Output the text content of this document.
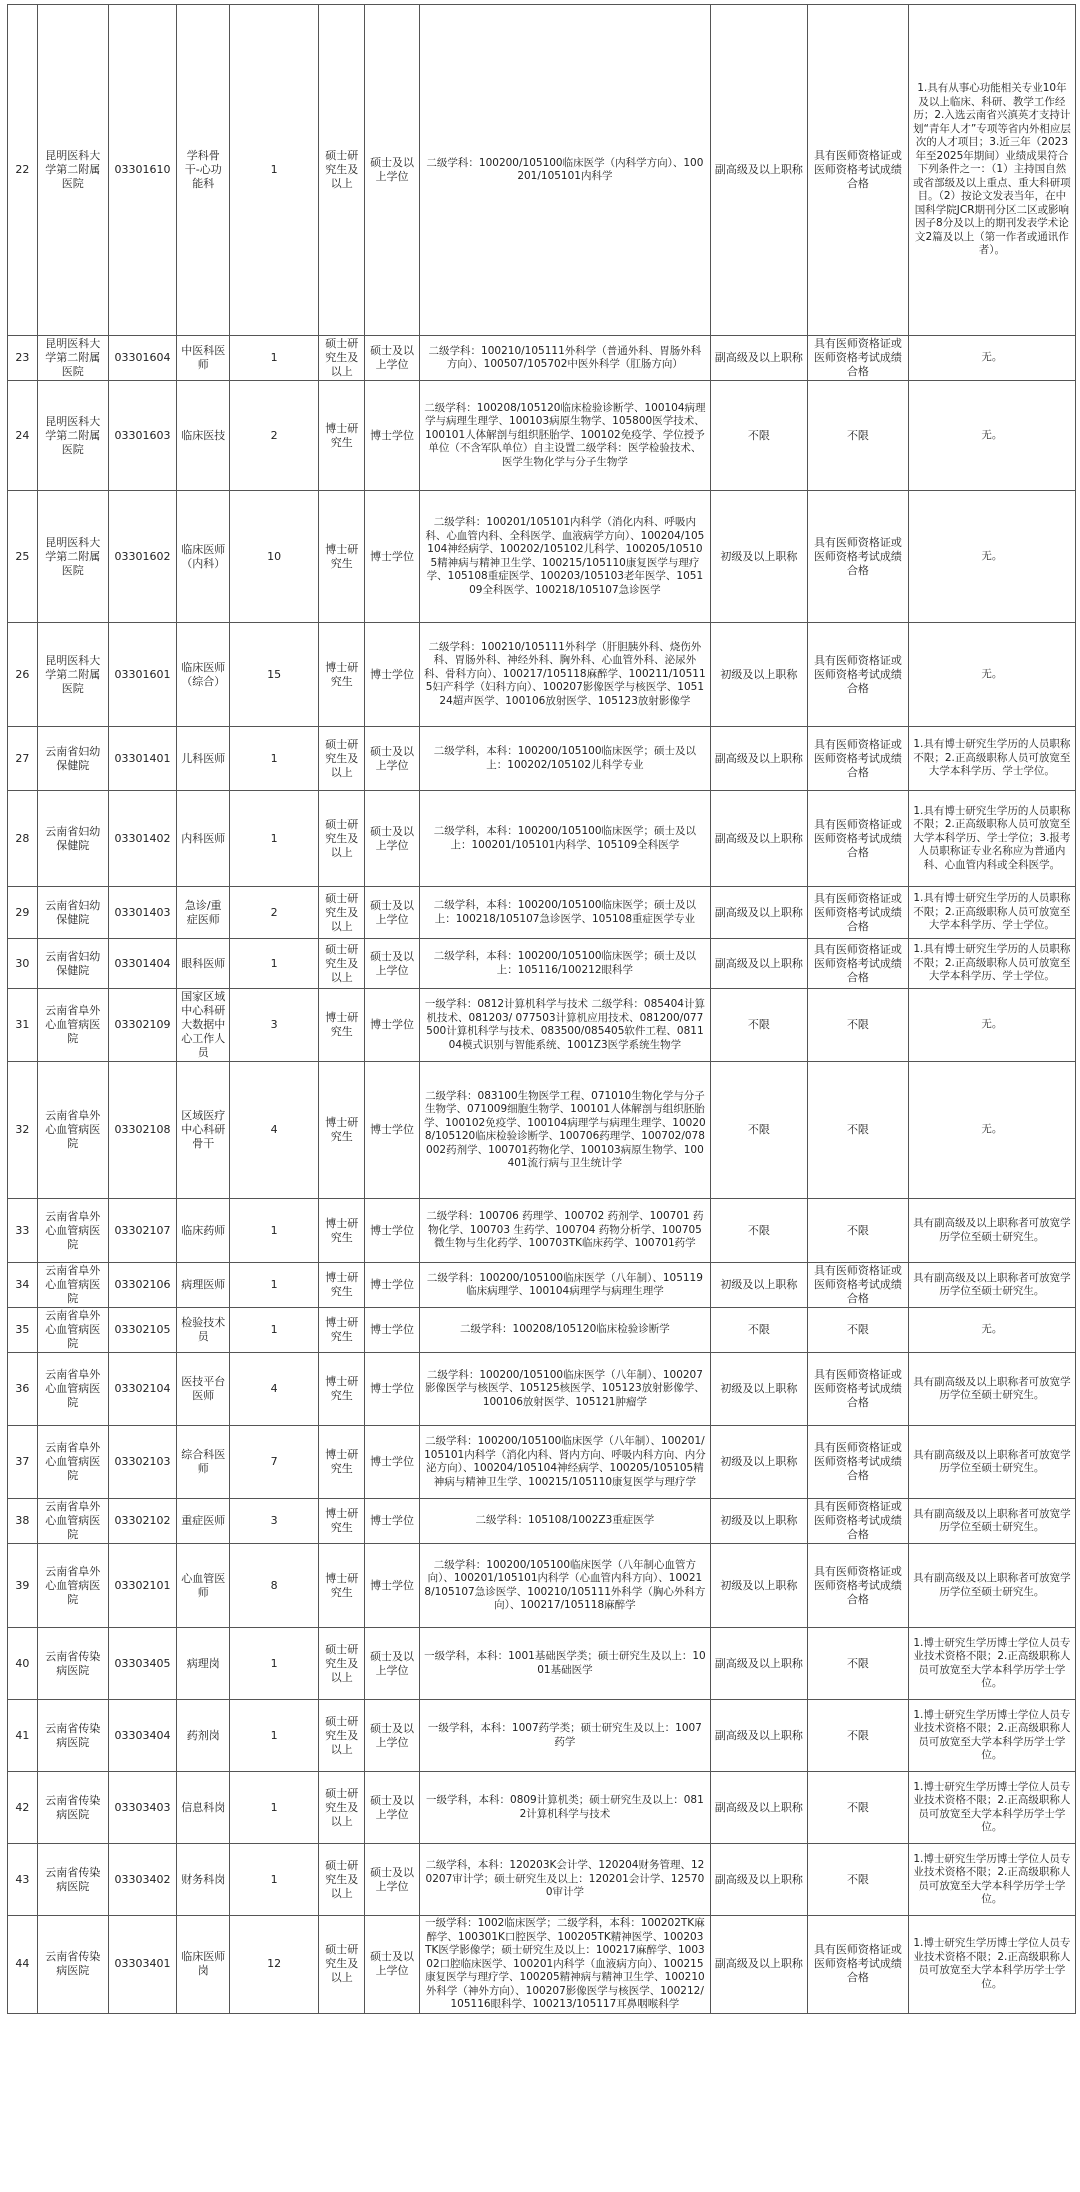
22	昆明医科大学第二附属医院	03301610	学科骨干-心功能科	1	硕士研究生及以上	硕士及以上学位	二级学科：100200/105100临床医学（内科学方向）、100201/105101内科学	副高级及以上职称	具有医师资格证或医师资格考试成绩合格	1.具有从事心功能相关专业10年及以上临床、科研、教学工作经历；2.入选云南省兴滇英才支持计划“青年人才”专项等省内外相应层次的人才项目；3.近三年（2023年至2025年期间）业绩成果符合下列条件之一：（1）主持国自然或省部级及以上重点、重大科研项目。（2）按论文发表当年，在中国科学院JCR期刊分区二区或影响因子8分及以上的期刊发表学术论文2篇及以上（第一作者或通讯作者）。
23	昆明医科大学第二附属医院	03301604	中医科医师	1	硕士研究生及以上	硕士及以上学位	二级学科：100210/105111外科学（普通外科、胃肠外科方向）、100507/105702中医外科学（肛肠方向）	副高级及以上职称	具有医师资格证或医师资格考试成绩合格	无。
24	昆明医科大学第二附属医院	03301603	临床医技	2	博士研究生	博士学位	二级学科：100208/105120临床检验诊断学、100104病理学与病理生理学、100103病原生物学、105800医学技术、100101人体解剖与组织胚胎学、100102免疫学、学位授予单位（不含军队单位）自主设置二级学科：医学检验技术、医学生物化学与分子生物学	不限	不限	无。
25	昆明医科大学第二附属医院	03301602	临床医师（内科）	10	博士研究生	博士学位	二级学科：100201/105101内科学（消化内科、呼吸内科、心血管内科、全科医学、血液病学方向）、100204/105104神经病学、100202/105102儿科学、100205/105105精神病与精神卫生学、100215/105110康复医学与理疗学、105108重症医学、100203/105103老年医学、105109全科医学、100218/105107急诊医学	初级及以上职称	具有医师资格证或医师资格考试成绩合格	无。
26	昆明医科大学第二附属医院	03301601	临床医师（综合）	15	博士研究生	博士学位	二级学科：100210/105111外科学（肝胆胰外科、烧伤外科、胃肠外科、神经外科、胸外科、心血管外科、泌尿外科、骨科方向）、100217/105118麻醉学、100211/105115妇产科学（妇科方向）、100207影像医学与核医学、105124超声医学、100106放射医学、105123放射影像学	初级及以上职称	具有医师资格证或医师资格考试成绩合格	无。
27	云南省妇幼保健院	03301401	儿科医师	1	硕士研究生及以上	硕士及以上学位	二级学科，本科：100200/105100临床医学；硕士及以上：100202/105102儿科学专业	副高级及以上职称	具有医师资格证或医师资格考试成绩合格	1.具有博士研究生学历的人员职称不限；2.正高级职称人员可放宽至大学本科学历、学士学位。
28	云南省妇幼保健院	03301402	内科医师	1	硕士研究生及以上	硕士及以上学位	二级学科，本科：100200/105100临床医学；硕士及以上：100201/105101内科学、105109全科医学	副高级及以上职称	具有医师资格证或医师资格考试成绩合格	1.具有博士研究生学历的人员职称不限；2.正高级职称人员可放宽至大学本科学历、学士学位；3.报考人员职称证专业名称应为普通内科、心血管内科或全科医学。
29	云南省妇幼保健院	03301403	急诊/重症医师	2	硕士研究生及以上	硕士及以上学位	二级学科，本科：100200/105100临床医学；硕士及以上：100218/105107急诊医学、105108重症医学专业	副高级及以上职称	具有医师资格证或医师资格考试成绩合格	1.具有博士研究生学历的人员职称不限；2.正高级职称人员可放宽至大学本科学历、学士学位。
30	云南省妇幼保健院	03301404	眼科医师	1	硕士研究生及以上	硕士及以上学位	二级学科，本科：100200/105100临床医学；硕士及以上：105116/100212眼科学	副高级及以上职称	具有医师资格证或医师资格考试成绩合格	1.具有博士研究生学历的人员职称不限；2.正高级职称人员可放宽至大学本科学历、学士学位。
31	云南省阜外心血管病医院	03302109	国家区域中心科研大数据中心工作人员	3	博士研究生	博士学位	一级学科：0812计算机科学与技术 二级学科：085404计算机技术、081203/ 077503计算机应用技术、081200/077500计算机科学与技术、083500/085405软件工程、081104模式识别与智能系统、1001Z3医学系统生物学	不限	不限	无。
32	云南省阜外心血管病医院	03302108	区域医疗中心科研骨干	4	博士研究生	博士学位	二级学科：083100生物医学工程、071010生物化学与分子生物学、071009细胞生物学、100101人体解剖与组织胚胎学、100102免疫学、100104病理学与病理生理学、100208/105120临床检验诊断学、100706药理学、100702/078002药剂学、100701药物化学、100103病原生物学、100401流行病与卫生统计学	不限	不限	无。
33	云南省阜外心血管病医院	03302107	临床药师	1	博士研究生	博士学位	二级学科：100706 药理学、100702 药剂学、100701 药物化学、100703 生药学、100704 药物分析学、100705 微生物与生化药学、100703TK临床药学、100701药学	不限	不限	具有副高级及以上职称者可放宽学历学位至硕士研究生。
34	云南省阜外心血管病医院	03302106	病理医师	1	博士研究生	博士学位	二级学科：100200/105100临床医学（八年制）、105119临床病理学、100104病理学与病理生理学	初级及以上职称	具有医师资格证或医师资格考试成绩合格	具有副高级及以上职称者可放宽学历学位至硕士研究生。
35	云南省阜外心血管病医院	03302105	检验技术员	1	博士研究生	博士学位	二级学科：100208/105120临床检验诊断学	不限	不限	无。
36	云南省阜外心血管病医院	03302104	医技平台医师	4	博士研究生	博士学位	二级学科：100200/105100临床医学（八年制）、100207影像医学与核医学、105125核医学、105123放射影像学、100106放射医学、105121肿瘤学	初级及以上职称	具有医师资格证或医师资格考试成绩合格	具有副高级及以上职称者可放宽学历学位至硕士研究生。
37	云南省阜外心血管病医院	03302103	综合科医师	7	博士研究生	博士学位	二级学科：100200/105100临床医学（八年制）、100201/105101内科学（消化内科、肾内方向、呼吸内科方向、内分泌方向）、100204/105104神经病学、100205/105105精神病与精神卫生学、100215/105110康复医学与理疗学	初级及以上职称	具有医师资格证或医师资格考试成绩合格	具有副高级及以上职称者可放宽学历学位至硕士研究生。
38	云南省阜外心血管病医院	03302102	重症医师	3	博士研究生	博士学位	二级学科：105108/1002Z3重症医学	初级及以上职称	具有医师资格证或医师资格考试成绩合格	具有副高级及以上职称者可放宽学历学位至硕士研究生。
39	云南省阜外心血管病医院	03302101	心血管医师	8	博士研究生	博士学位	二级学科：100200/105100临床医学（八年制心血管方向）、100201/105101内科学（心血管内科方向）、100218/105107急诊医学、100210/105111外科学（胸心外科方向）、100217/105118麻醉学	初级及以上职称	具有医师资格证或医师资格考试成绩合格	具有副高级及以上职称者可放宽学历学位至硕士研究生。
40	云南省传染病医院	03303405	病理岗	1	硕士研究生及以上	硕士及以上学位	一级学科，本科：1001基础医学类；硕士研究生及以上：1001基础医学	副高级及以上职称	不限	1.博士研究生学历博士学位人员专业技术资格不限；2.正高级职称人员可放宽至大学本科学历学士学位。
41	云南省传染病医院	03303404	药剂岗	1	硕士研究生及以上	硕士及以上学位	一级学科，本科：1007药学类；硕士研究生及以上：1007药学	副高级及以上职称	不限	1.博士研究生学历博士学位人员专业技术资格不限；2.正高级职称人员可放宽至大学本科学历学士学位。
42	云南省传染病医院	03303403	信息科岗	1	硕士研究生及以上	硕士及以上学位	一级学科，本科：0809计算机类；硕士研究生及以上：0812计算机科学与技术	副高级及以上职称	不限	1.博士研究生学历博士学位人员专业技术资格不限；2.正高级职称人员可放宽至大学本科学历学士学位。
43	云南省传染病医院	03303402	财务科岗	1	硕士研究生及以上	硕士及以上学位	二级学科，本科：120203K会计学、120204财务管理、120207审计学；硕士研究生及以上：120201会计学、125700审计学	副高级及以上职称	不限	1.博士研究生学历博士学位人员专业技术资格不限；2.正高级职称人员可放宽至大学本科学历学士学位。
44	云南省传染病医院	03303401	临床医师岗	12	硕士研究生及以上	硕士及以上学位	一级学科：1002临床医学；二级学科，本科：100202TK麻醉学、100301K口腔医学、100205TK精神医学、100203TK医学影像学；硕士研究生及以上：100217麻醉学、100302口腔临床医学、100201内科学（血液病方向）、100215康复医学与理疗学、100205精神病与精神卫生学、100210外科学（神外方向）、100207影像医学与核医学、100212/105116眼科学、100213/105117耳鼻咽喉科学	副高级及以上职称	具有医师资格证或医师资格考试成绩合格	1.博士研究生学历博士学位人员专业技术资格不限；2.正高级职称人员可放宽至大学本科学历学士学位。
